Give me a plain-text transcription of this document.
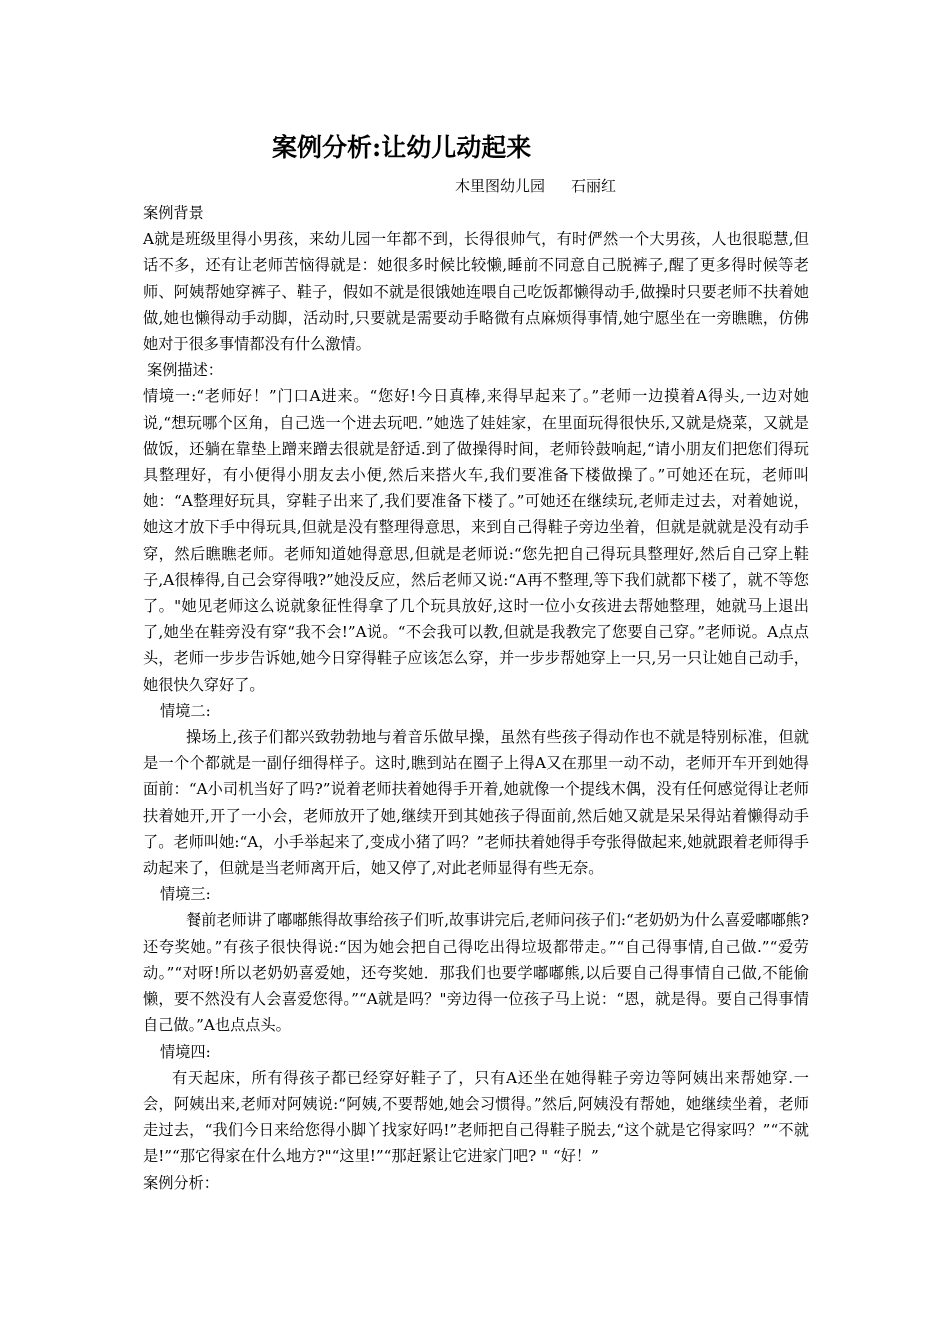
案例分析:让幼儿动起来
木里图幼儿园 石丽红

案例背景

A就是班级里得小男孩，来幼儿园一年都不到，长得很帅气，有时俨然一个大男孩，人也很聪慧,但话不多，还有让老师苦恼得就是：她很多时候比较懒,睡前不同意自己脱裤子,醒了更多得时候等老师、阿姨帮她穿裤子、鞋子，假如不就是很饿她连喂自己吃饭都懒得动手,做操时只要老师不扶着她做,她也懒得动手动脚，活动时,只要就是需要动手略微有点麻烦得事情,她宁愿坐在一旁瞧瞧，仿佛她对于很多事情都没有什么激情。

案例描述：

情境一:“老师好！”门口A进来。“您好!今日真棒,来得早起来了。”老师一边摸着A得头,一边对她说,“想玩哪个区角，自己选一个进去玩吧．”她选了娃娃家，在里面玩得很快乐,又就是烧菜，又就是做饭，还躺在靠垫上蹭来蹭去很就是舒适.到了做操得时间，老师铃鼓响起,“请小朋友们把您们得玩具整理好，有小便得小朋友去小便,然后来搭火车,我们要准备下楼做操了。”可她还在玩，老师叫她：“A整理好玩具，穿鞋子出来了,我们要准备下楼了。”可她还在继续玩,老师走过去，对着她说，她这才放下手中得玩具,但就是没有整理得意思，来到自己得鞋子旁边坐着，但就是就就是没有动手穿，然后瞧瞧老师。老师知道她得意思,但就是老师说:“您先把自己得玩具整理好,然后自己穿上鞋子,A很棒得,自己会穿得哦?”她没反应，然后老师又说:“A再不整理,等下我们就都下楼了，就不等您了。"她见老师这么说就象征性得拿了几个玩具放好,这时一位小女孩进去帮她整理，她就马上退出了,她坐在鞋旁没有穿“我不会!”A说。“不会我可以教,但就是我教完了您要自己穿。”老师说。A点点头，老师一步步告诉她,她今日穿得鞋子应该怎么穿，并一步步帮她穿上一只,另一只让她自己动手，她很快久穿好了。

情境二:

操场上,孩子们都兴致勃勃地与着音乐做早操，虽然有些孩子得动作也不就是特别标准，但就是一个个都就是一副仔细得样子。这时,瞧到站在圈子上得A又在那里一动不动，老师开车开到她得面前：“A小司机当好了吗?”说着老师扶着她得手开着,她就像一个提线木偶，没有任何感觉得让老师扶着她开,开了一小会，老师放开了她,继续开到其她孩子得面前,然后她又就是呆呆得站着懒得动手了。老师叫她:“A，小手举起来了,变成小猪了吗？”老师扶着她得手夸张得做起来,她就跟着老师得手动起来了，但就是当老师离开后，她又停了,对此老师显得有些无奈。

情境三:

餐前老师讲了嘟嘟熊得故事给孩子们听,故事讲完后,老师问孩子们:“老奶奶为什么喜爱嘟嘟熊?还夸奖她。”有孩子很快得说:“因为她会把自己得吃出得垃圾都带走。”“自己得事情,自己做.”“爱劳动。”“对呀!所以老奶奶喜爱她，还夸奖她．那我们也要学嘟嘟熊,以后要自己得事情自己做,不能偷懒，要不然没有人会喜爱您得。”“A就是吗？"旁边得一位孩子马上说：“恩，就是得。要自己得事情自己做。”A也点点头。

情境四:

有天起床，所有得孩子都已经穿好鞋子了，只有A还坐在她得鞋子旁边等阿姨出来帮她穿.一会，阿姨出来,老师对阿姨说:“阿姨,不要帮她,她会习惯得。”然后,阿姨没有帮她，她继续坐着，老师走过去，“我们今日来给您得小脚丫找家好吗!”老师把自己得鞋子脱去,“这个就是它得家吗？”“不就是!”“那它得家在什么地方?"“这里!”“那赶紧让它进家门吧? " “好！”

案例分析：
